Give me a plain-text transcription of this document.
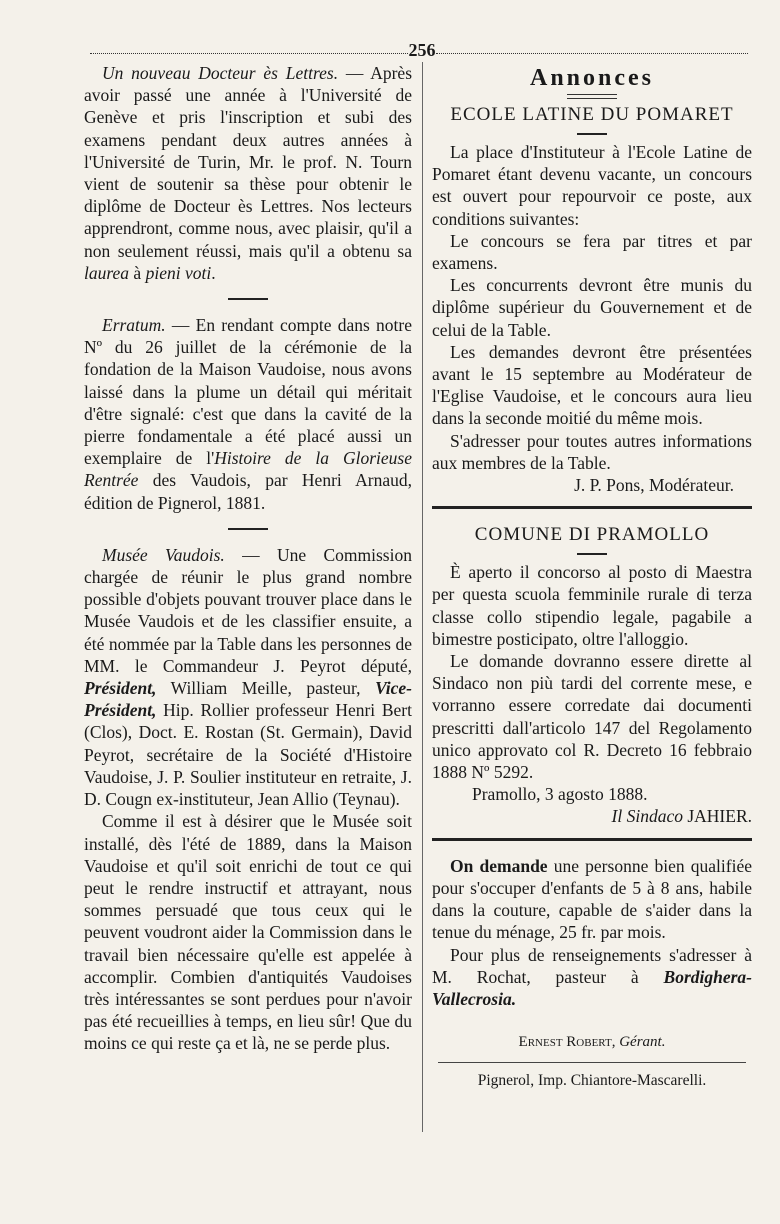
256

Un nouveau Docteur ès Lettres. — Après avoir passé une année à l'Université de Genève et pris l'inscription et subi des examens pendant deux autres années à l'Université de Turin, Mr. le prof. N. Tourn vient de soutenir sa thèse pour obtenir le diplôme de Docteur ès Lettres. Nos lecteurs apprendront, comme nous, avec plaisir, qu'il a non seulement réussi, mais qu'il a obtenu sa laurea à pieni voti.

Erratum. — En rendant compte dans notre Nº du 26 juillet de la cérémonie de la fondation de la Maison Vaudoise, nous avons laissé dans la plume un détail qui méritait d'être signalé: c'est que dans la cavité de la pierre fondamentale a été placé aussi un exemplaire de l'Histoire de la Glorieuse Rentrée des Vaudois, par Henri Arnaud, édition de Pignerol, 1881.

Musée Vaudois. — Une Commission chargée de réunir le plus grand nombre possible d'objets pouvant trouver place dans le Musée Vaudois et de les classifier ensuite, a été nommée par la Table dans les personnes de MM. le Commandeur J. Peyrot député, Président, William Meille, pasteur, Vice-Président, Hip. Rollier professeur Henri Bert (Clos), Doct. E. Rostan (St. Germain), David Peyrot, secrétaire de la Société d'Histoire Vaudoise, J. P. Soulier instituteur en retraite, J. D. Cougn ex-instituteur, Jean Allio (Teynau).

Comme il est à désirer que le Musée soit installé, dès l'été de 1889, dans la Maison Vaudoise et qu'il soit enrichi de tout ce qui peut le rendre instructif et attrayant, nous sommes persuadé que tous ceux qui le peuvent voudront aider la Commission dans le travail bien nécessaire qu'elle est appelée à accomplir. Combien d'antiquités Vaudoises très intéressantes se sont perdues pour n'avoir pas été recueillies à temps, en lieu sûr! Que du moins ce qui reste ça et là, ne se perde plus.

Annonces
ECOLE LATINE DU POMARET

La place d'Instituteur à l'Ecole Latine de Pomaret étant devenu vacante, un concours est ouvert pour repourvoir ce poste, aux conditions suivantes:

Le concours se fera par titres et par examens.

Les concurrents devront être munis du diplôme supérieur du Gouvernement et de celui de la Table.

Les demandes devront être présentées avant le 15 septembre au Modérateur de l'Eglise Vaudoise, et le concours aura lieu dans la seconde moitié du même mois.

S'adresser pour toutes autres informations aux membres de la Table.

J. P. Pons, Modérateur.
COMUNE DI PRAMOLLO

È aperto il concorso al posto di Maestra per questa scuola femminile rurale di terza classe collo stipendio legale, pagabile a bimestre posticipato, oltre l'alloggio.

Le domande dovranno essere dirette al Sindaco non più tardi del corrente mese, e vorranno essere corredate dai documenti prescritti dall'articolo 147 del Regolamento unico approvato col R. Decreto 16 febbraio 1888 Nº 5292.

Pramollo, 3 agosto 1888.

Il Sindaco JAHIER.

On demande une personne bien qualifiée pour s'occuper d'enfants de 5 à 8 ans, habile dans la couture, capable de s'aider dans la tenue du ménage, 25 fr. par mois.

Pour plus de renseignements s'adresser à M. Rochat, pasteur à Bordighera-Vallecrosia.

Ernest Robert, Gérant.
Pignerol, Imp. Chiantore-Mascarelli.
